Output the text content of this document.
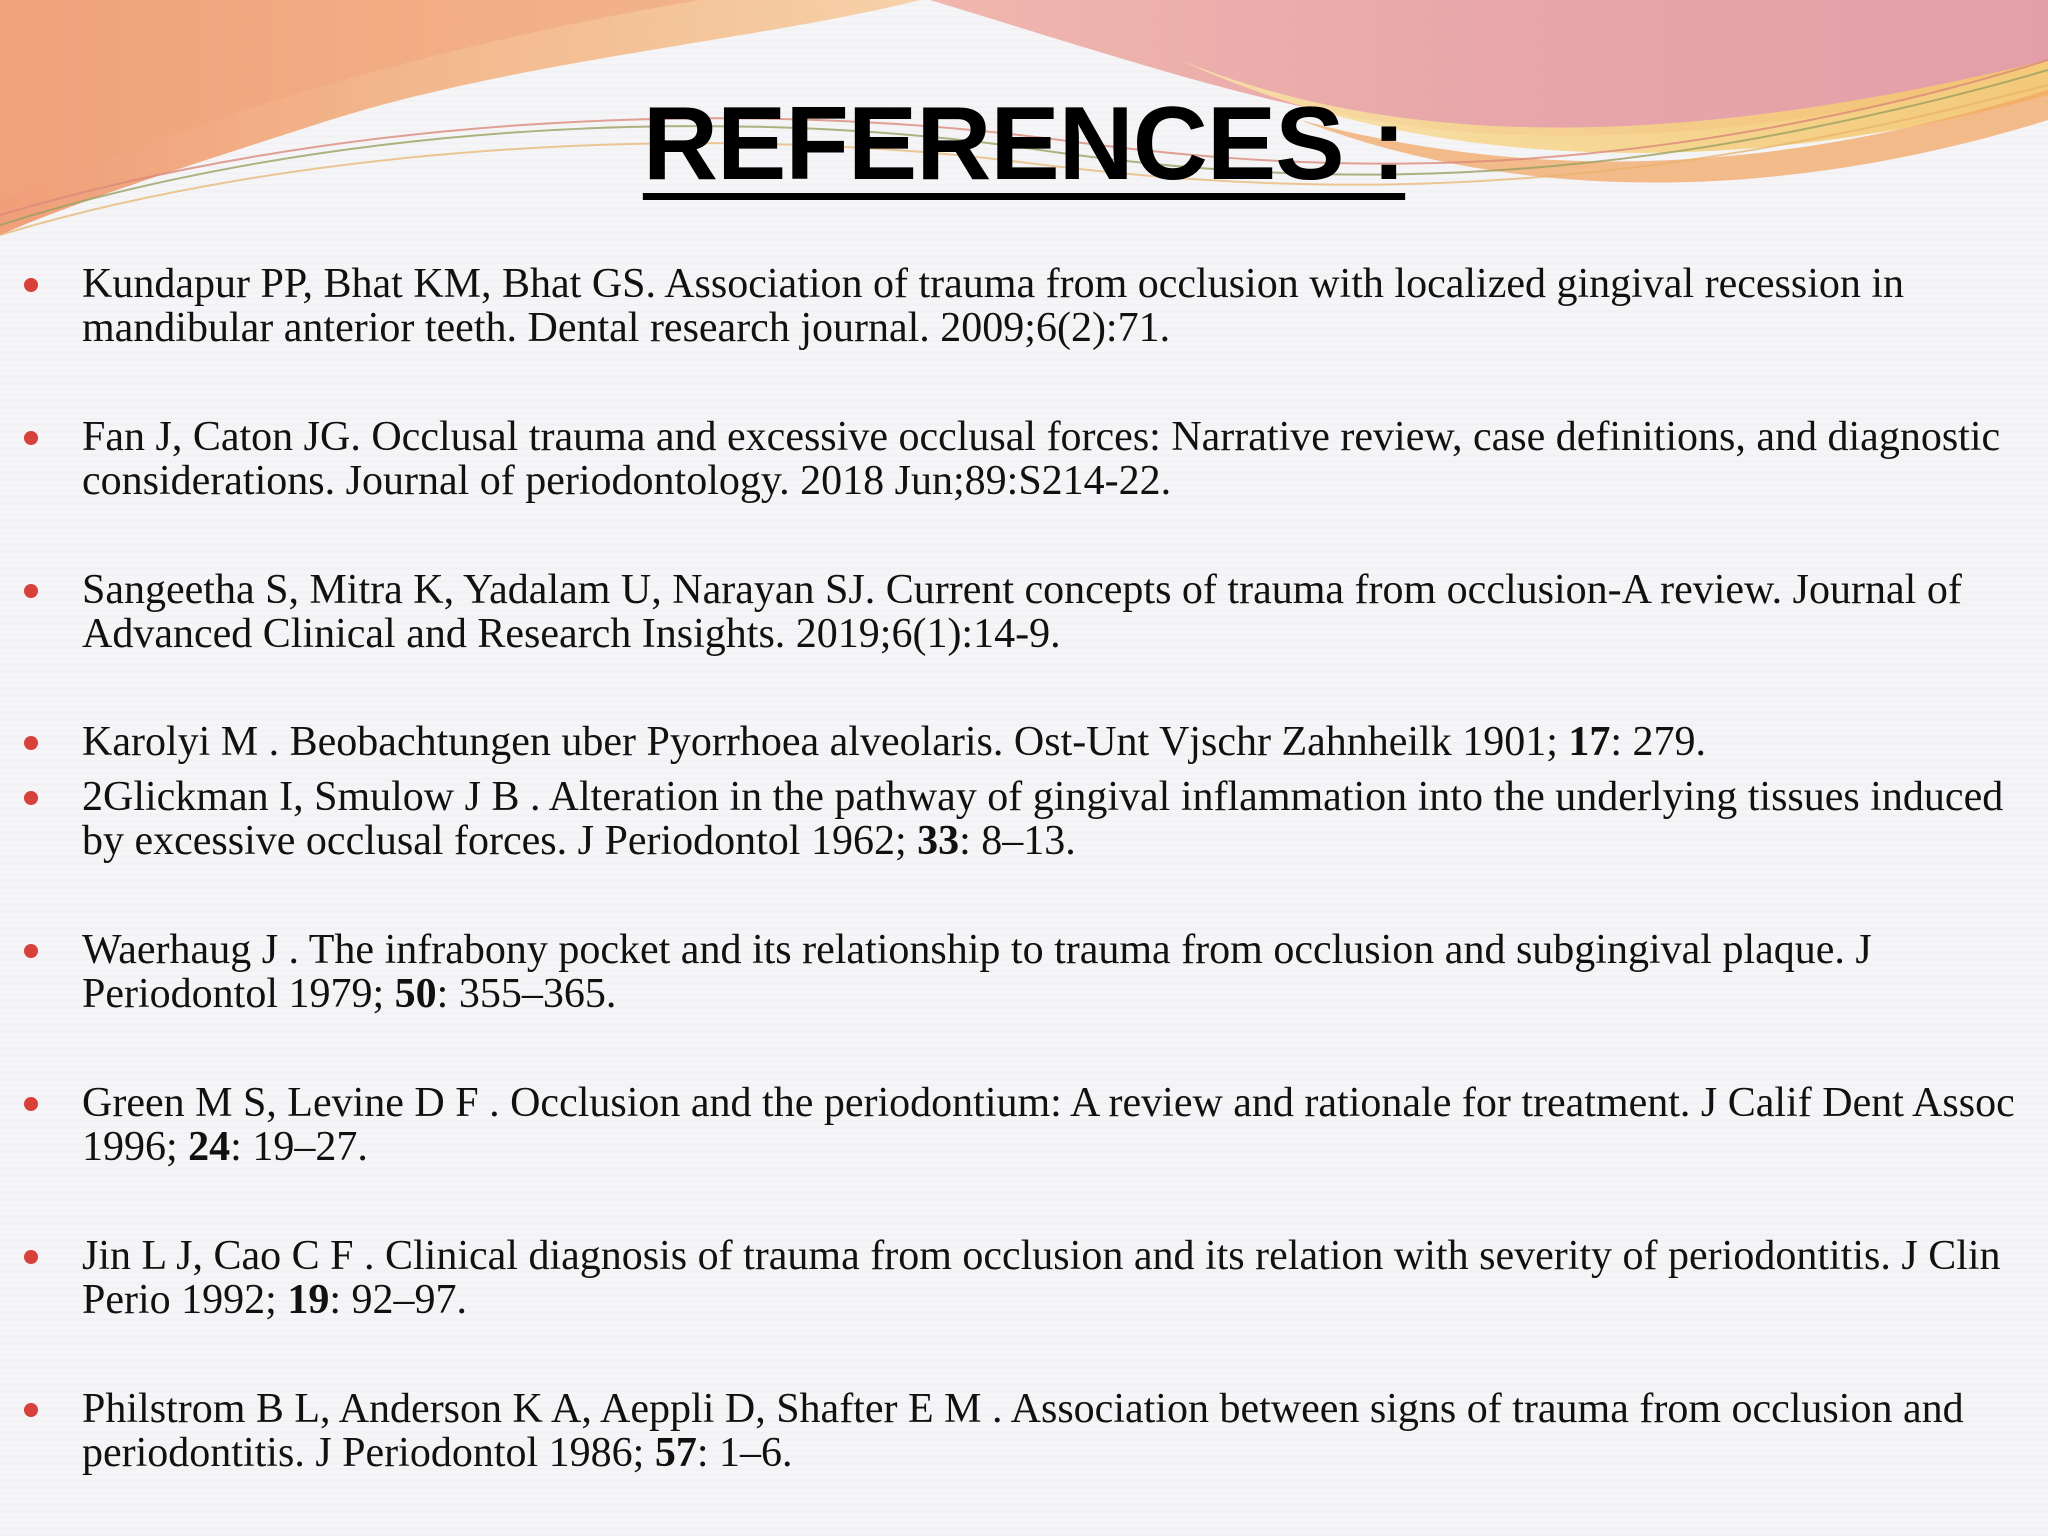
REFERENCES :
Kundapur PP, Bhat KM, Bhat GS. Association of trauma from occlusion with localized gingival recession in mandibular anterior teeth. Dental research journal. 2009;6(2):71.
Fan J, Caton JG. Occlusal trauma and excessive occlusal forces: Narrative review, case definitions, and diagnostic considerations. Journal of periodontology. 2018 Jun;89:S214-22.
Sangeetha S, Mitra K, Yadalam U, Narayan SJ. Current concepts of trauma from occlusion-A review. Journal of Advanced Clinical and Research Insights. 2019;6(1):14-9.
Karolyi M . Beobachtungen uber Pyorrhoea alveolaris. Ost-Unt Vjschr Zahnheilk 1901; 17: 279.
2Glickman I, Smulow J B . Alteration in the pathway of gingival inflammation into the underlying tissues induced by excessive occlusal forces. J Periodontol 1962; 33: 8–13.
Waerhaug J . The infrabony pocket and its relationship to trauma from occlusion and subgingival plaque. J Periodontol 1979; 50: 355–365.
Green M S, Levine D F . Occlusion and the periodontium: A review and rationale for treatment. J Calif Dent Assoc 1996; 24: 19–27.
Jin L J, Cao C F . Clinical diagnosis of trauma from occlusion and its relation with severity of periodontitis. J Clin Perio 1992; 19: 92–97.
Philstrom B L, Anderson K A, Aeppli D, Shafter E M . Association between signs of trauma from occlusion and periodontitis. J Periodontol 1986; 57: 1–6.
